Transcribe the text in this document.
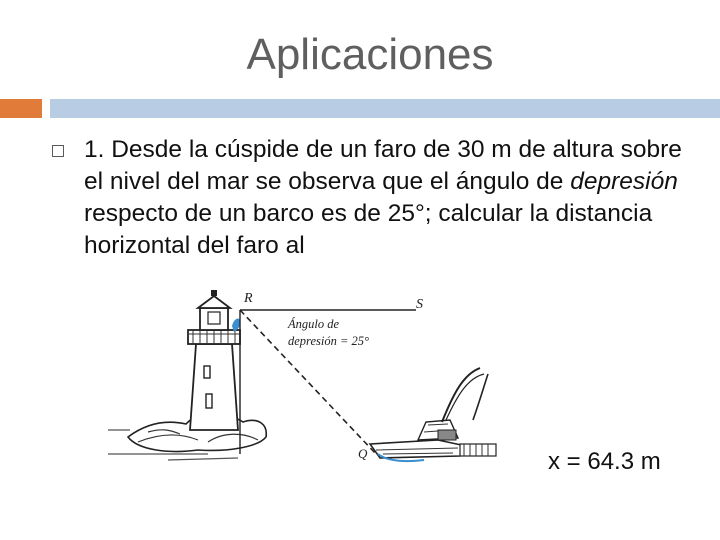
Aplicaciones
1. Desde la cúspide de un faro de 30 m de altura sobre el nivel del mar se observa que el ángulo de depresión respecto de un barco es de 25°; calcular la distancia horizontal del faro al
R	S
Ángulo de
depresión = 25°
Q	x = 64.3 m
